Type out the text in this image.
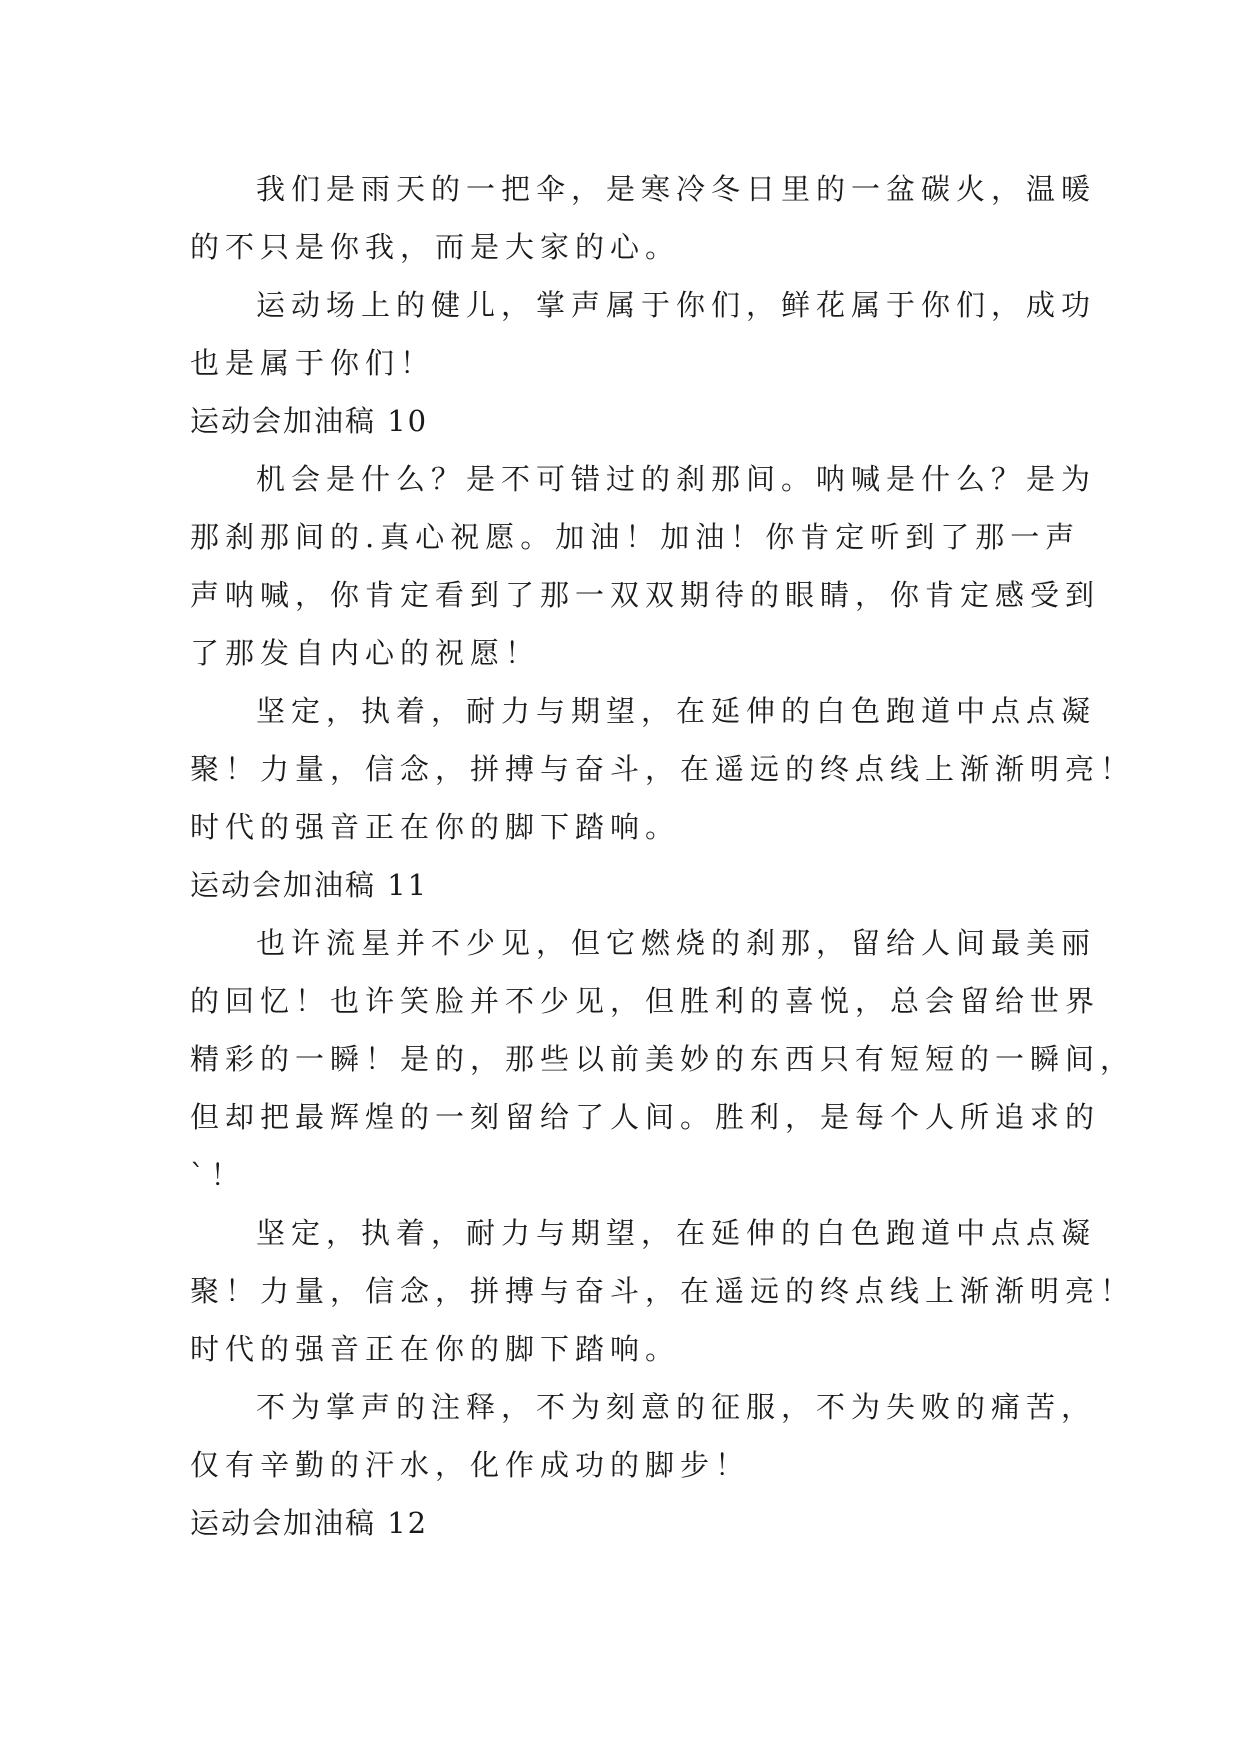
我们是雨天的一把伞，是寒冷冬日里的一盆碳火，温暖
的不只是你我，而是大家的心。
运动场上的健儿，掌声属于你们，鲜花属于你们，成功
也是属于你们！
运动会加油稿 10
机会是什么？是不可错过的刹那间。呐喊是什么？是为
那刹那间的.真心祝愿。加油！加油！你肯定听到了那一声
声呐喊，你肯定看到了那一双双期待的眼睛，你肯定感受到
了那发自内心的祝愿！
坚定，执着，耐力与期望，在延伸的白色跑道中点点凝
聚！力量，信念，拼搏与奋斗，在遥远的终点线上渐渐明亮！
时代的强音正在你的脚下踏响。
运动会加油稿 11
也许流星并不少见，但它燃烧的刹那，留给人间最美丽
的回忆！也许笑脸并不少见，但胜利的喜悦，总会留给世界
精彩的一瞬！是的，那些以前美妙的东西只有短短的一瞬间，
但却把最辉煌的一刻留给了人间。胜利，是每个人所追求的
`！
坚定，执着，耐力与期望，在延伸的白色跑道中点点凝
聚！力量，信念，拼搏与奋斗，在遥远的终点线上渐渐明亮！
时代的强音正在你的脚下踏响。
不为掌声的注释，不为刻意的征服，不为失败的痛苦，
仅有辛勤的汗水，化作成功的脚步！
运动会加油稿 12
